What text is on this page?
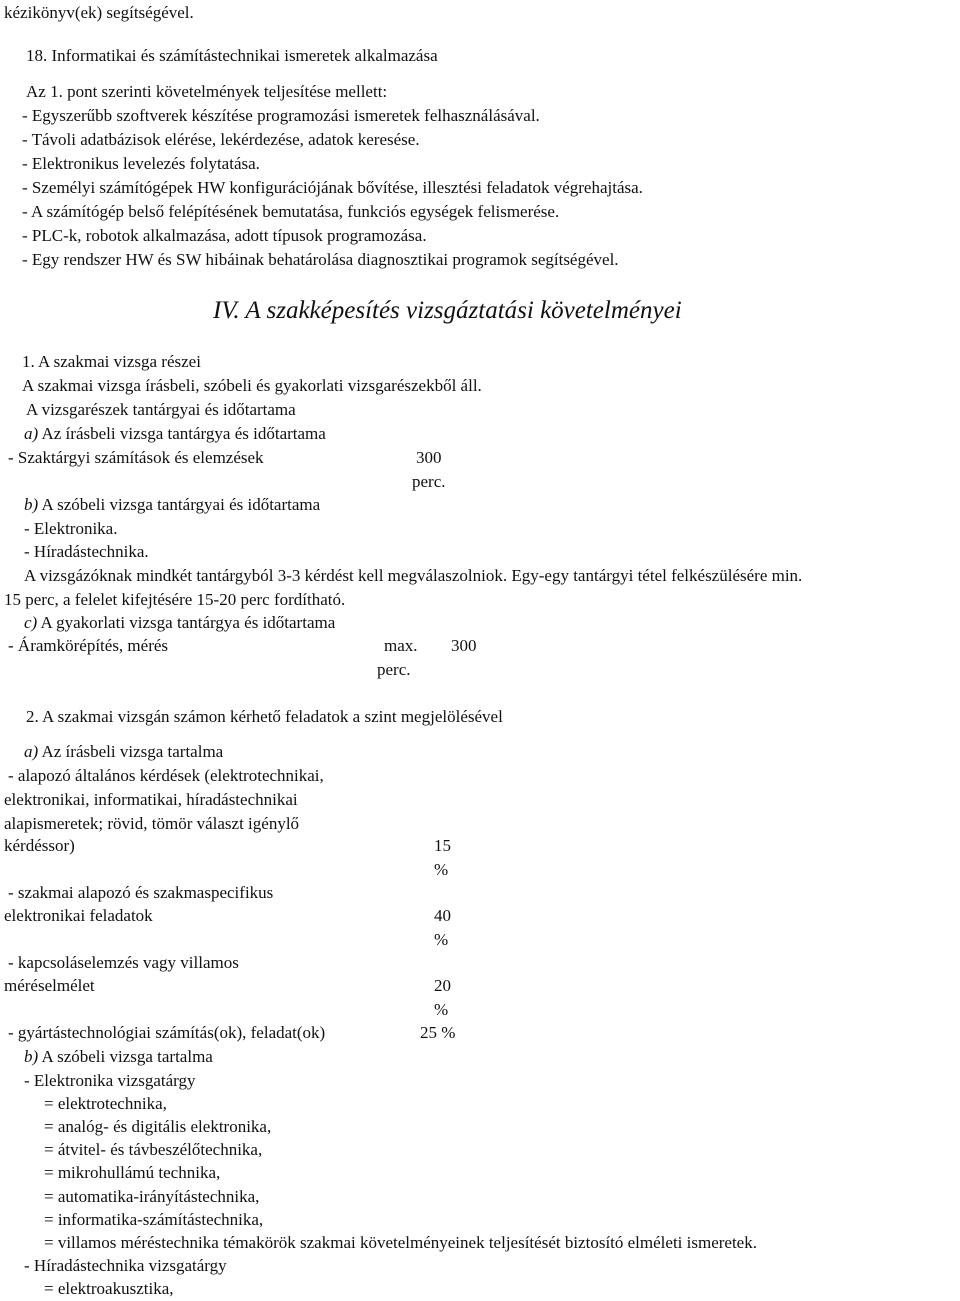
kézikönyv(ek) segítségével.
18. Informatikai és számítástechnikai ismeretek alkalmazása
Az 1. pont szerinti követelmények teljesítése mellett:
- Egyszerűbb szoftverek készítése programozási ismeretek felhasználásával.
- Távoli adatbázisok elérése, lekérdezése, adatok keresése.
- Elektronikus levelezés folytatása.
- Személyi számítógépek HW konfigurációjának bővítése, illesztési feladatok végrehajtása.
- A számítógép belső felépítésének bemutatása, funkciós egységek felismerése.
- PLC-k, robotok alkalmazása, adott típusok programozása.
- Egy rendszer HW és SW hibáinak behatárolása diagnosztikai programok segítségével.
IV. A szakképesítés vizsgáztatási követelményei
1. A szakmai vizsga részei
A szakmai vizsga írásbeli, szóbeli és gyakorlati vizsgarészekből áll.
A vizsgarészek tantárgyai és időtartama
a) Az írásbeli vizsga tantárgya és időtartama
- Szaktárgyi számítások és elemzések	300
perc.
b) A szóbeli vizsga tantárgyai és időtartama
- Elektronika.
- Híradástechnika.
A vizsgázóknak mindkét tantárgyból 3-3 kérdést kell megválaszolniok. Egy-egy tantárgyi tétel felkészülésére min.
15 perc, a felelet kifejtésére 15-20 perc fordítható.
c) A gyakorlati vizsga tantárgya és időtartama
- Áramkörépítés, mérés	max. 300
perc.
2. A szakmai vizsgán számon kérhető feladatok a szint megjelölésével
a) Az írásbeli vizsga tartalma
- alapozó általános kérdések (elektrotechnikai,
elektronikai, informatikai, híradástechnikai
alapismeretek; rövid, tömör választ igénylő
kérdéssor)	15
%
- szakmai alapozó és szakmaspecifikus
elektronikai feladatok	40
%
- kapcsoláselemzés vagy villamos
méréselmélet	20
%
- gyártástechnológiai számítás(ok), feladat(ok)	25 %
b) A szóbeli vizsga tartalma
- Elektronika vizsgatárgy
= elektrotechnika,
= analóg- és digitális elektronika,
= átvitel- és távbeszélőtechnika,
= mikrohullámú technika,
= automatika-irányítástechnika,
= informatika-számítástechnika,
= villamos méréstechnika témakörök szakmai követelményeinek teljesítését biztosító elméleti ismeretek.
- Híradástechnika vizsgatárgy
= elektroakusztika,
